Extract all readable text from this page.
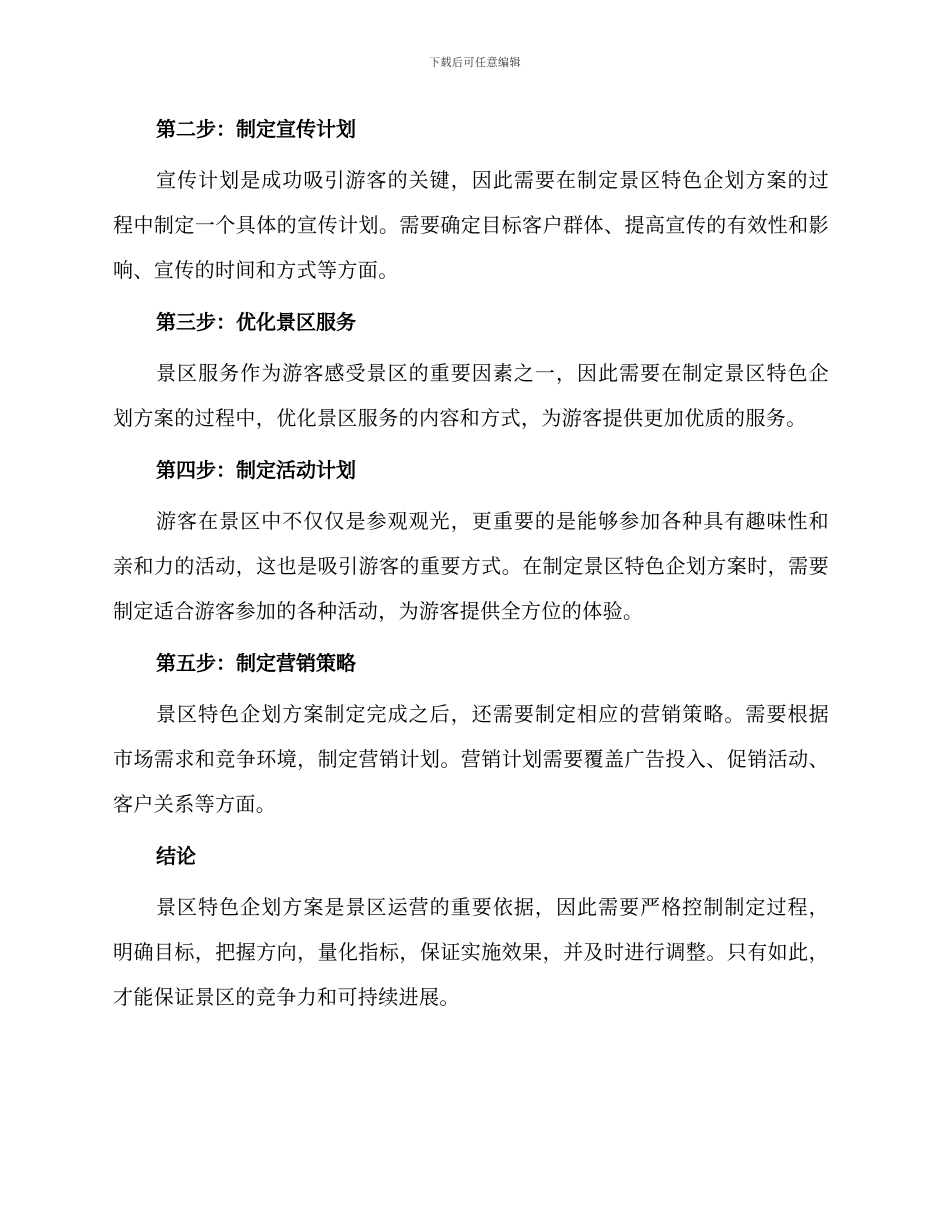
下载后可任意编辑
第二步：制定宣传计划

宣传计划是成功吸引游客的关键，因此需要在制定景区特色企划方案的过程中制定一个具体的宣传计划。需要确定目标客户群体、提高宣传的有效性和影响、宣传的时间和方式等方面。

第三步：优化景区服务

景区服务作为游客感受景区的重要因素之一，因此需要在制定景区特色企划方案的过程中，优化景区服务的内容和方式，为游客提供更加优质的服务。

第四步：制定活动计划

游客在景区中不仅仅是参观观光，更重要的是能够参加各种具有趣味性和亲和力的活动，这也是吸引游客的重要方式。在制定景区特色企划方案时，需要制定适合游客参加的各种活动，为游客提供全方位的体验。

第五步：制定营销策略

景区特色企划方案制定完成之后，还需要制定相应的营销策略。需要根据市场需求和竞争环境，制定营销计划。营销计划需要覆盖广告投入、促销活动、客户关系等方面。

结论

景区特色企划方案是景区运营的重要依据，因此需要严格控制制定过程，明确目标，把握方向，量化指标，保证实施效果，并及时进行调整。只有如此，才能保证景区的竞争力和可持续进展。
